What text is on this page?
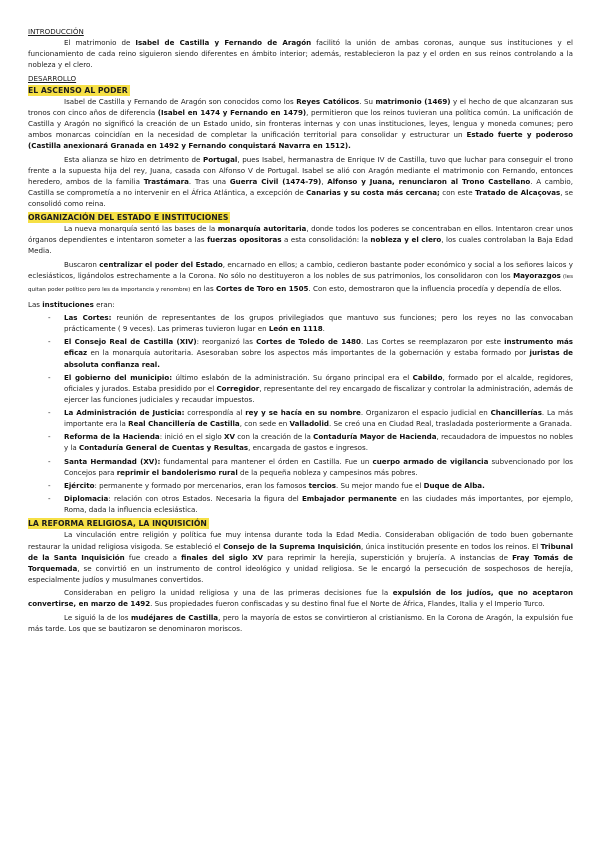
INTRODUCCIÓN
El matrimonio de Isabel de Castilla y Fernando de Aragón facilitó la unión de ambas coronas, aunque sus instituciones y el funcionamiento de cada reino siguieron siendo diferentes en ámbito interior; además, restablecieron la paz y el orden en sus reinos controlando a la nobleza y el clero.
DESARROLLO
EL ASCENSO AL PODER
Isabel de Castilla y Fernando de Aragón son conocidos como los Reyes Católicos. Su matrimonio (1469) y el hecho de que alcanzaran sus tronos con cinco años de diferencia (Isabel en 1474 y Fernando en 1479), permitieron que los reinos tuvieran una política común. La unificación de Castilla y Aragón no significó la creación de un Estado unido, sin fronteras internas y con unas instituciones, leyes, lengua y moneda comunes; pero ambos monarcas coincidían en la necesidad de completar la unificación territorial para consolidar y estructurar un Estado fuerte y poderoso (Castilla anexionará Granada en 1492 y Fernando conquistará Navarra en 1512).
Esta alianza se hizo en detrimento de Portugal, pues Isabel, hermanastra de Enrique IV de Castilla, tuvo que luchar para conseguir el trono frente a la supuesta hija del rey, Juana, casada con Alfonso V de Portugal. Isabel se alió con Aragón mediante el matrimonio con Fernando, entonces heredero, ambos de la familia Trastámara. Tras una Guerra Civil (1474-79), Alfonso y Juana, renunciaron al Trono Castellano. A cambio, Castilla se comprometía a no intervenir en el África Atlántica, a excepción de Canarias y su costa más cercana; con este Tratado de Alcaçovas, se consolidó como reina.
ORGANIZACIÓN DEL ESTADO E INSTITUCIONES
La nueva monarquía sentó las bases de la monarquía autoritaria, donde todos los poderes se concentraban en ellos. Intentaron crear unos órganos dependientes e intentaron someter a las fuerzas opositoras a esta consolidación: la nobleza y el clero, los cuales controlaban la Baja Edad Media.
Buscaron centralizar el poder del Estado, encarnado en ellos; a cambio, cedieron bastante poder económico y social a los señores laicos y eclesiásticos, ligándolos estrechamente a la Corona. No sólo no destituyeron a los nobles de sus patrimonios, los consolidaron con los Mayorazgos (les quitan poder político pero les da importancia y renombre) en las Cortes de Toro en 1505. Con esto, demostraron que la influencia procedía y dependía de ellos.
Las instituciones eran:
- Las Cortes: reunión de representantes de los grupos privilegiados que mantuvo sus funciones; pero los reyes no las convocaban prácticamente ( 9 veces). Las primeras tuvieron lugar en León en 1118.
- El Consejo Real de Castilla (XIV): reorganizó las Cortes de Toledo de 1480. Las Cortes se reemplazaron por este instrumento más eficaz en la monarquía autoritaria. Asesoraban sobre los aspectos más importantes de la gobernación y estaba formado por juristas de absoluta confianza real.
- El gobierno del municipio: último eslabón de la administración. Su órgano principal era el Cabildo, formado por el alcalde, regidores, oficiales y jurados. Estaba presidido por el Corregidor, representante del rey encargado de fiscalizar y controlar la administración, además de ejercer las funciones judiciales y recaudar impuestos.
- La Administración de Justicia: correspondía al rey y se hacía en su nombre. Organizaron el espacio judicial en Chancillerías. La más importante era la Real Chancillería de Castilla, con sede en Valladolid. Se creó una en Ciudad Real, trasladada posteriormente a Granada.
- Reforma de la Hacienda: inició en el siglo XV con la creación de la Contaduría Mayor de Hacienda, recaudadora de impuestos no nobles y la Contaduría General de Cuentas y Resultas, encargada de gastos e ingresos.
- Santa Hermandad (XV): fundamental para mantener el órden en Castilla. Fue un cuerpo armado de vigilancia subvencionado por los Concejos para reprimir el bandolerismo rural de la pequeña nobleza y campesinos más pobres.
- Ejército: permanente y formado por mercenarios, eran los famosos tercios. Su mejor mando fue el Duque de Alba.
- Diplomacia: relación con otros Estados. Necesaria la figura del Embajador permanente en las ciudades más importantes, por ejemplo, Roma, dada la influencia eclesiástica.
LA REFORMA RELIGIOSA, LA INQUISICIÓN
La vinculación entre religión y política fue muy intensa durante toda la Edad Media. Consideraban obligación de todo buen gobernante restaurar la unidad religiosa visigoda. Se estableció el Consejo de la Suprema Inquisición, única institución presente en todos los reinos. El Tribunal de la Santa Inquisición fue creado a finales del siglo XV para reprimir la herejía, superstición y brujería. A instancias de Fray Tomás de Torquemada, se convirtió en un instrumento de control ideológico y unidad religiosa. Se le encargó la persecución de sospechosos de herejía, especialmente judíos y musulmanes convertidos.
Consideraban en peligro la unidad religiosa y una de las primeras decisiones fue la expulsión de los judíos, que no aceptaron convertirse, en marzo de 1492. Sus propiedades fueron confiscadas y su destino final fue el Norte de África, Flandes, Italia y el Imperio Turco.
Le siguió la de los mudéjares de Castilla, pero la mayoría de estos se convirtieron al cristianismo. En la Corona de Aragón, la expulsión fue más tarde. Los que se bautizaron se denominaron moriscos.
